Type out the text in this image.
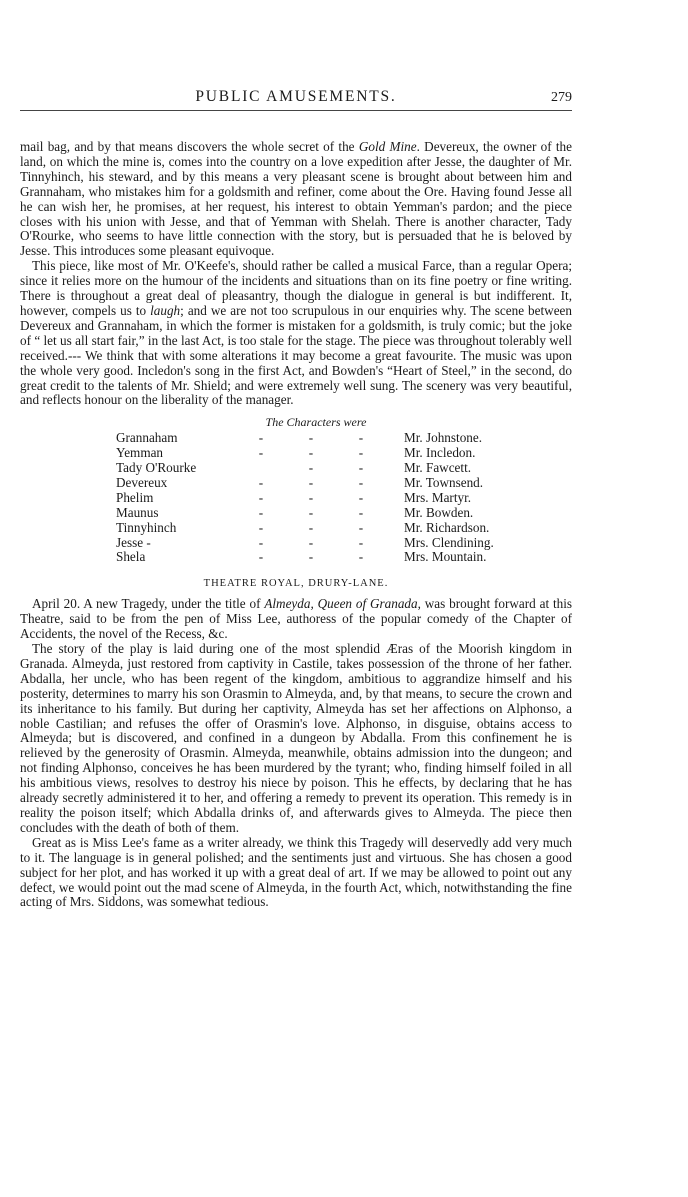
PUBLIC AMUSEMENTS.	279

mail bag, and by that means discovers the whole secret of the Gold Mine. Devereux, the owner of the land, on which the mine is, comes into the country on a love expedition after Jesse, the daughter of Mr. Tinnyhinch, his steward, and by this means a very pleasant scene is brought about between him and Grannaham, who mistakes him for a goldsmith and refiner, come about the Ore. Having found Jesse all he can wish her, he promises, at her request, his interest to obtain Yemman's pardon; and the piece closes with his union with Jesse, and that of Yemman with Shelah. There is another character, Tady O'Rourke, who seems to have little connection with the story, but is persuaded that he is beloved by Jesse. This introduces some pleasant equivoque.

This piece, like most of Mr. O'Keefe's, should rather be called a musical Farce, than a regular Opera; since it relies more on the humour of the incidents and situations than on its fine poetry or fine writing. There is throughout a great deal of pleasantry, though the dialogue in general is but indifferent. It, however, compels us to laugh; and we are not too scrupulous in our enquiries why. The scene between Devereux and Grannaham, in which the former is mistaken for a goldsmith, is truly comic; but the joke of “ let us all start fair,” in the last Act, is too stale for the stage. The piece was throughout tolerably well received.--- We think that with some alterations it may become a great favourite. The music was upon the whole very good. Incledon's song in the first Act, and Bowden's “Heart of Steel,” in the second, do great credit to the talents of Mr. Shield; and were extremely well sung. The scenery was very beautiful, and reflects honour on the liberality of the manager.

The Characters were
Grannaham	-	-	-	Mr. Johnstone.
Yemman	-	-	-	Mr. Incledon.
Tady O'Rourke		-	-	Mr. Fawcett.
Devereux	-	-	-	Mr. Townsend.
Phelim	-	-	-	Mrs. Martyr.
Maunus	-	-	-	Mr. Bowden.
Tinnyhinch	-	-	-	Mr. Richardson.
Jesse -	-	-	-	Mrs. Clendining.
Shela	-	-	-	Mrs. Mountain.
THEATRE ROYAL, DRURY-LANE.

April 20. A new Tragedy, under the title of Almeyda, Queen of Granada, was brought forward at this Theatre, said to be from the pen of Miss Lee, authoress of the popular comedy of the Chapter of Accidents, the novel of the Recess, &c.

The story of the play is laid during one of the most splendid Æras of the Moorish kingdom in Granada. Almeyda, just restored from captivity in Castile, takes possession of the throne of her father. Abdalla, her uncle, who has been regent of the kingdom, ambitious to aggrandize himself and his posterity, determines to marry his son Orasmin to Almeyda, and, by that means, to secure the crown and its inheritance to his family. But during her captivity, Almeyda has set her affections on Alphonso, a noble Castilian; and refuses the offer of Orasmin's love. Alphonso, in disguise, obtains access to Almeyda; but is discovered, and confined in a dungeon by Abdalla. From this confinement he is relieved by the generosity of Orasmin. Almeyda, meanwhile, obtains admission into the dungeon; and not finding Alphonso, conceives he has been murdered by the tyrant; who, finding himself foiled in all his ambitious views, resolves to destroy his niece by poison. This he effects, by declaring that he has already secretly administered it to her, and offering a remedy to prevent its operation. This remedy is in reality the poison itself; which Abdalla drinks of, and afterwards gives to Almeyda. The piece then concludes with the death of both of them.

Great as is Miss Lee's fame as a writer already, we think this Tragedy will deservedly add very much to it. The language is in general polished; and the sentiments just and virtuous. She has chosen a good subject for her plot, and has worked it up with a great deal of art. If we may be allowed to point out any defect, we would point out the mad scene of Almeyda, in the fourth Act, which, notwithstanding the fine acting of Mrs. Siddons, was somewhat tedious.
